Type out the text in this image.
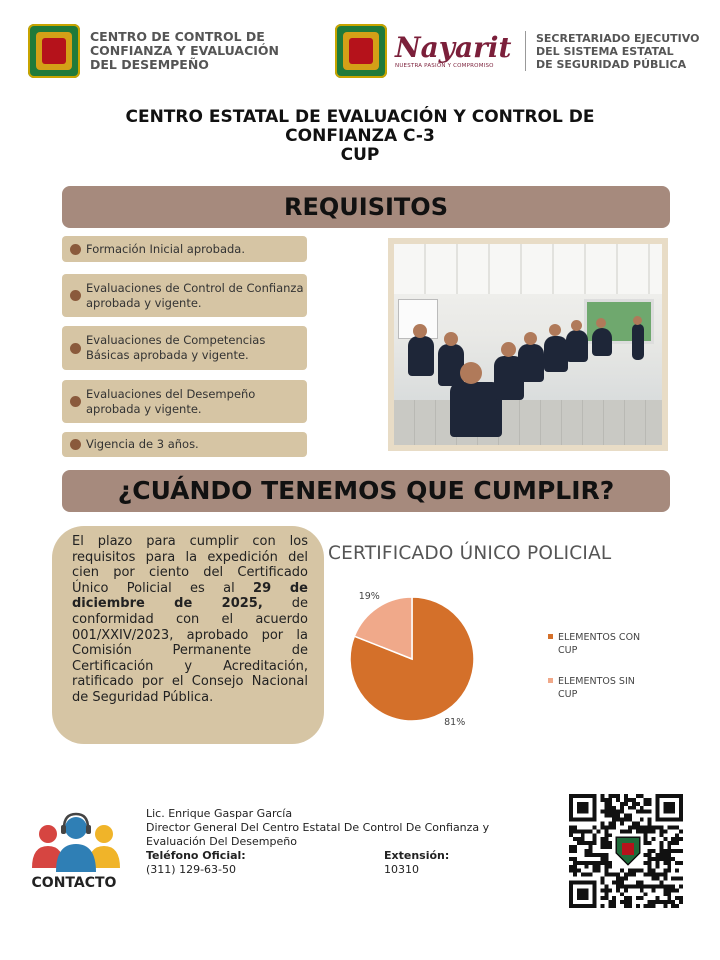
CENTRO DE CONTROL DE
CONFIANZA Y EVALUACIÓN
DEL DESEMPEÑO
Nayarit
NUESTRA PASIÓN Y COMPROMISO
SECRETARIADO EJECUTIVO
DEL SISTEMA ESTATAL
DE SEGURIDAD PÚBLICA
CENTRO ESTATAL DE EVALUACIÓN Y CONTROL DE
CONFIANZA C-3
CUP
REQUISITOS
Formación Inicial aprobada.
Evaluaciones de Control de Confianza aprobada y vigente.
Evaluaciones de Competencias Básicas aprobada y vigente.
Evaluaciones del Desempeño aprobada y vigente.
Vigencia de 3 años.
¿CUÁNDO TENEMOS QUE CUMPLIR?
El plazo para cumplir con los requisitos para la expedición del cien por ciento del Certificado Único Policial es al 29 de diciembre de 2025, de conformidad con el acuerdo 001/XXIV/2023, aprobado por la Comisión Permanente de Certificación y Acreditación, ratificado por el Consejo Nacional de Seguridad Pública.
CERTIFICADO ÚNICO POLICIAL
81%
19%
ELEMENTOS CON CUP
ELEMENTOS SIN CUP
CONTACTO
Lic. Enrique Gaspar García
Director General Del Centro Estatal De Control De Confianza y Evaluación Del Desempeño
Teléfono Oficial:	Extensión:
(311) 129-63-50	10310
